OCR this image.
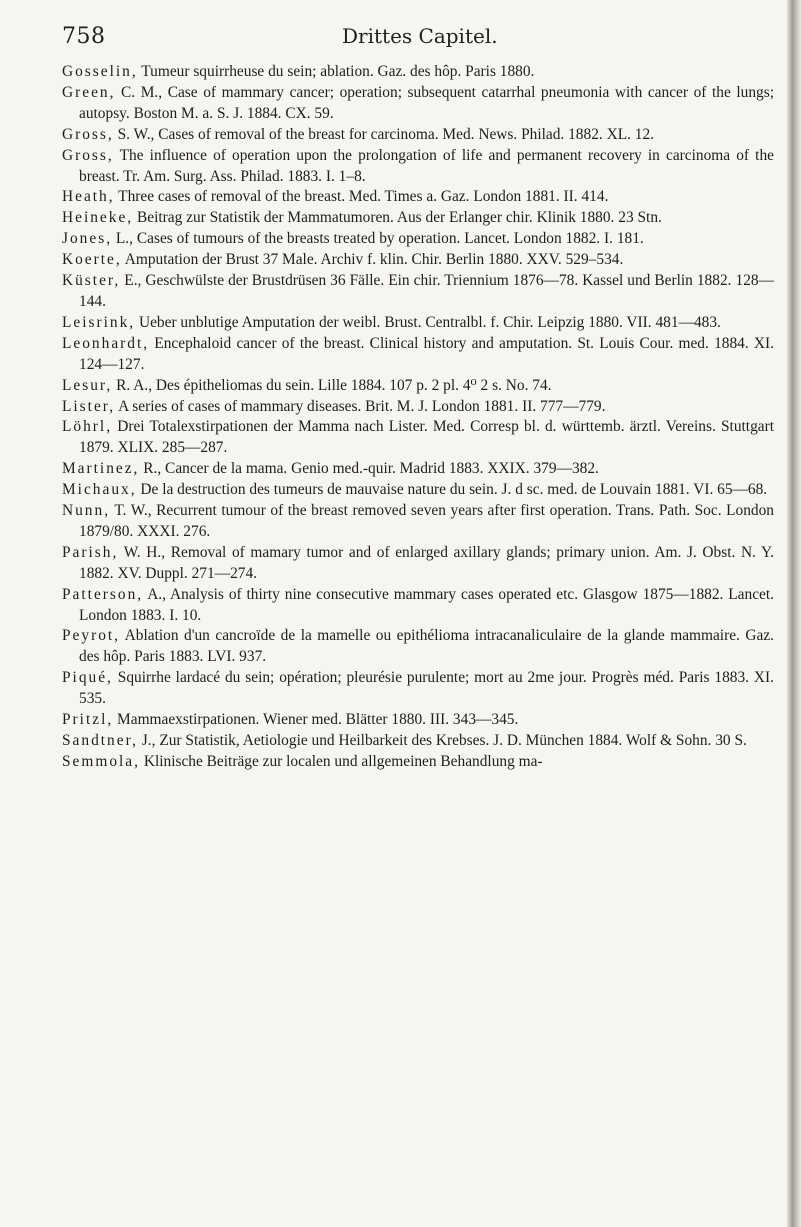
758	Drittes Capitel.
Gosselin, Tumeur squirrheuse du sein; ablation. Gaz. des hôp. Paris 1880.
Green, C. M., Case of mammary cancer; operation; subsequent catarrhal pneumonia with cancer of the lungs; autopsy. Boston M. a. S. J. 1884. CX. 59.
Gross, S. W., Cases of removal of the breast for carcinoma. Med. News. Philad. 1882. XL. 12.
Gross, The influence of operation upon the prolongation of life and permanent recovery in carcinoma of the breast. Tr. Am. Surg. Ass. Philad. 1883. I. 1–8.
Heath, Three cases of removal of the breast. Med. Times a. Gaz. London 1881. II. 414.
Heineke, Beitrag zur Statistik der Mammatumoren. Aus der Erlanger chir. Klinik 1880. 23 Stn.
Jones, L., Cases of tumours of the breasts treated by operation. Lancet. London 1882. I. 181.
Koerte, Amputation der Brust 37 Male. Archiv f. klin. Chir. Berlin 1880. XXV. 529–534.
Küster, E., Geschwülste der Brustdrüsen 36 Fälle. Ein chir. Triennium 1876—78. Kassel und Berlin 1882. 128—144.
Leisrink, Ueber unblutige Amputation der weibl. Brust. Centralbl. f. Chir. Leipzig 1880. VII. 481—483.
Leonhardt, Encephaloid cancer of the breast. Clinical history and amputation. St. Louis Cour. med. 1884. XI. 124—127.
Lesur, R. A., Des épitheliomas du sein. Lille 1884. 107 p. 2 pl. 4⁰ 2 s. No. 74.
Lister, A series of cases of mammary diseases. Brit. M. J. London 1881. II. 777—779.
Löhrl, Drei Totalexstirpationen der Mamma nach Lister. Med. Corresp bl. d. württemb. ärztl. Vereins. Stuttgart 1879. XLIX. 285—287.
Martinez, R., Cancer de la mama. Genio med.-quir. Madrid 1883. XXIX. 379—382.
Michaux, De la destruction des tumeurs de mauvaise nature du sein. J. d sc. med. de Louvain 1881. VI. 65—68.
Nunn, T. W., Recurrent tumour of the breast removed seven years after first operation. Trans. Path. Soc. London 1879/80. XXXI. 276.
Parish, W. H., Removal of mamary tumor and of enlarged axillary glands; primary union. Am. J. Obst. N. Y. 1882. XV. Duppl. 271—274.
Patterson, A., Analysis of thirty nine consecutive mammary cases operated etc. Glasgow 1875—1882. Lancet. London 1883. I. 10.
Peyrot, Ablation d'un cancroïde de la mamelle ou epithélioma intracanaliculaire de la glande mammaire. Gaz. des hôp. Paris 1883. LVI. 937.
Piqué, Squirrhe lardacé du sein; opération; pleurésie purulente; mort au 2me jour. Progrès méd. Paris 1883. XI. 535.
Pritzl, Mammaexstirpationen. Wiener med. Blätter 1880. III. 343—345.
Sandtner, J., Zur Statistik, Aetiologie und Heilbarkeit des Krebses. J. D. München 1884. Wolf & Sohn. 30 S.
Semmola, Klinische Beiträge zur localen und allgemeinen Behandlung ma-
